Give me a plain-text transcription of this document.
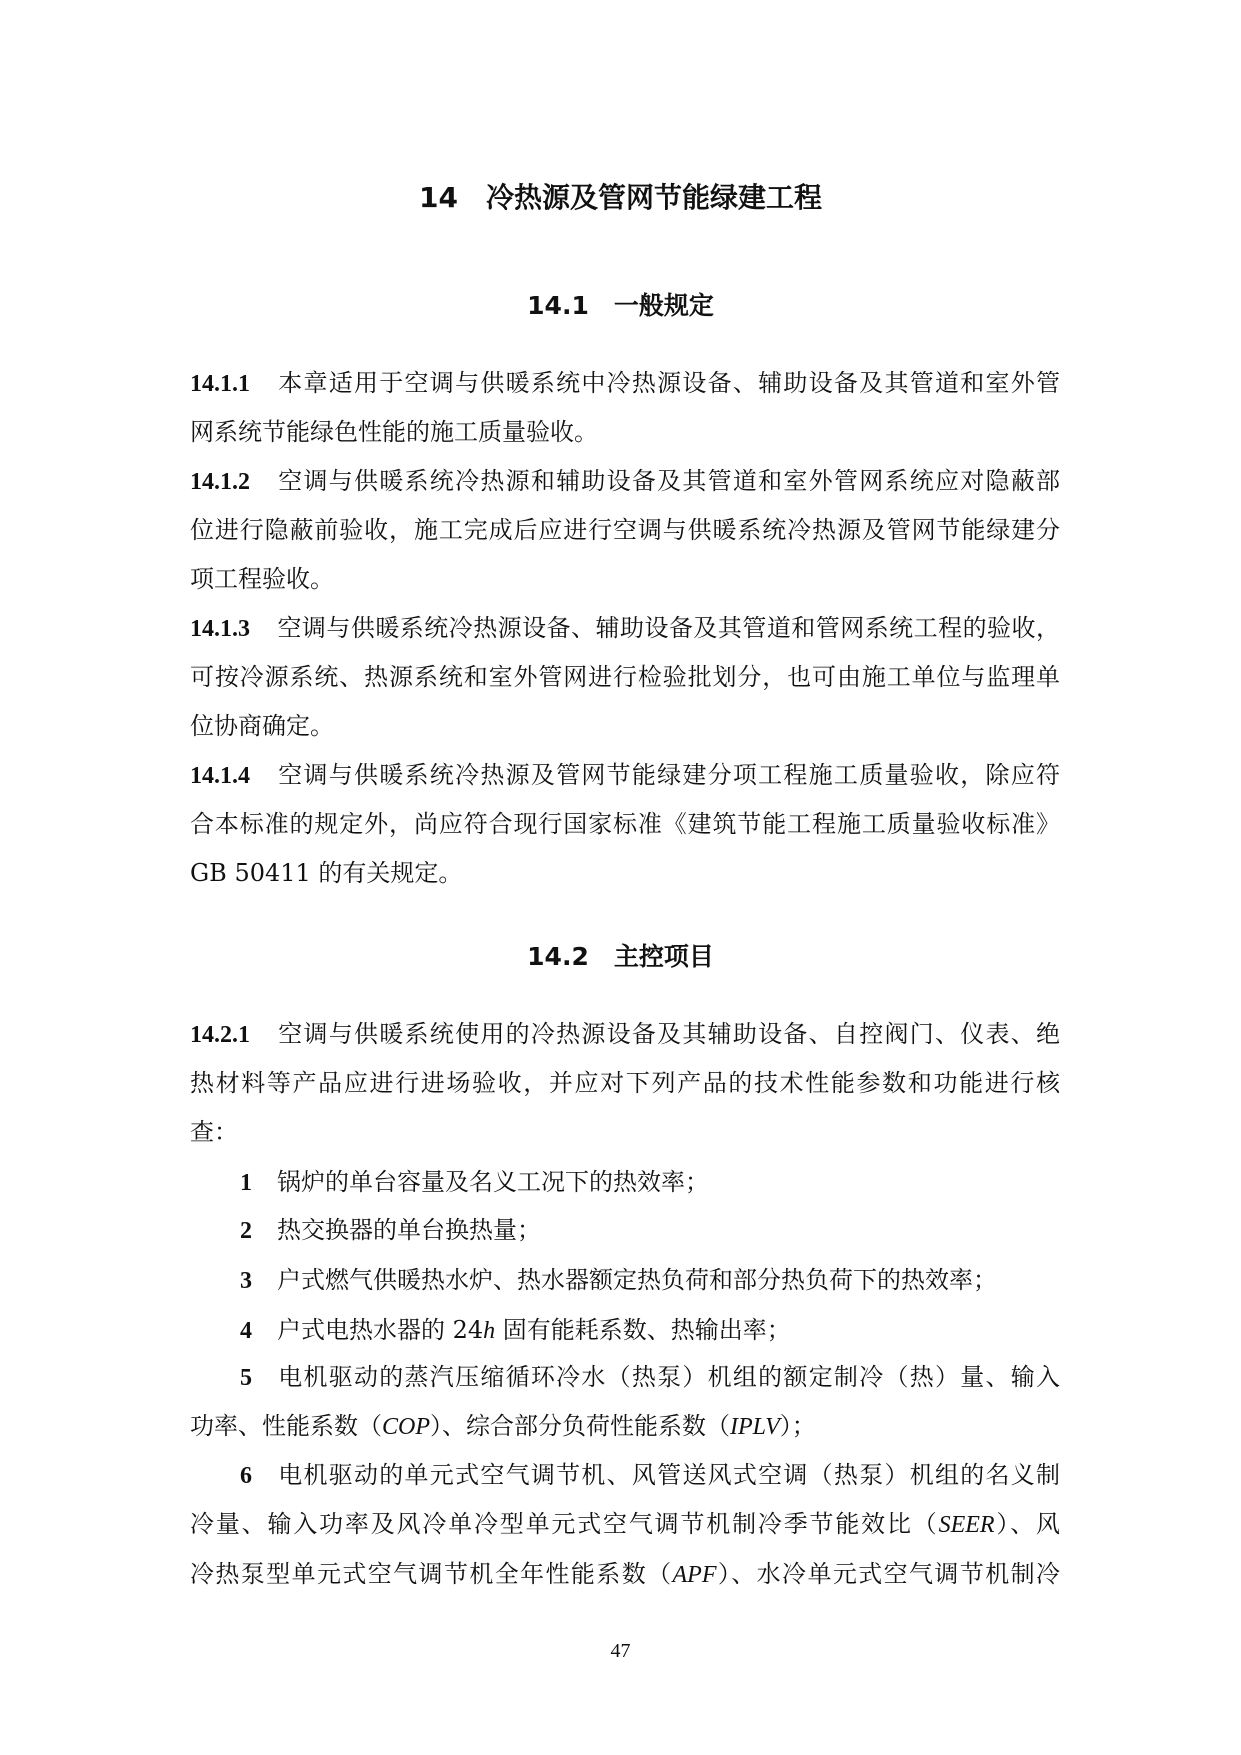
14　冷热源及管网节能绿建工程
14.1　一般规定
14.1.1 本章适用于空调与供暖系统中冷热源设备、辅助设备及其管道和室外管
网系统节能绿色性能的施工质量验收。
14.1.2 空调与供暖系统冷热源和辅助设备及其管道和室外管网系统应对隐蔽部
位进行隐蔽前验收，施工完成后应进行空调与供暖系统冷热源及管网节能绿建分
项工程验收。
14.1.3 空调与供暖系统冷热源设备、辅助设备及其管道和管网系统工程的验收，
可按冷源系统、热源系统和室外管网进行检验批划分，也可由施工单位与监理单
位协商确定。
14.1.4 空调与供暖系统冷热源及管网节能绿建分项工程施工质量验收，除应符
合本标准的规定外，尚应符合现行国家标准《建筑节能工程施工质量验收标准》
GB 50411 的有关规定。
14.2　主控项目
14.2.1 空调与供暖系统使用的冷热源设备及其辅助设备、自控阀门、仪表、绝
热材料等产品应进行进场验收，并应对下列产品的技术性能参数和功能进行核
查：
1 锅炉的单台容量及名义工况下的热效率；
2 热交换器的单台换热量；
3 户式燃气供暖热水炉、热水器额定热负荷和部分热负荷下的热效率；
4 户式电热水器的 24h 固有能耗系数、热输出率；
5 电机驱动的蒸汽压缩循环冷水（热泵）机组的额定制冷（热）量、输入
功率、性能系数（COP）、综合部分负荷性能系数（IPLV）；
6 电机驱动的单元式空气调节机、风管送风式空调（热泵）机组的名义制
冷量、输入功率及风冷单冷型单元式空气调节机制冷季节能效比（SEER）、风
冷热泵型单元式空气调节机全年性能系数（APF）、水冷单元式空气调节机制冷
47
